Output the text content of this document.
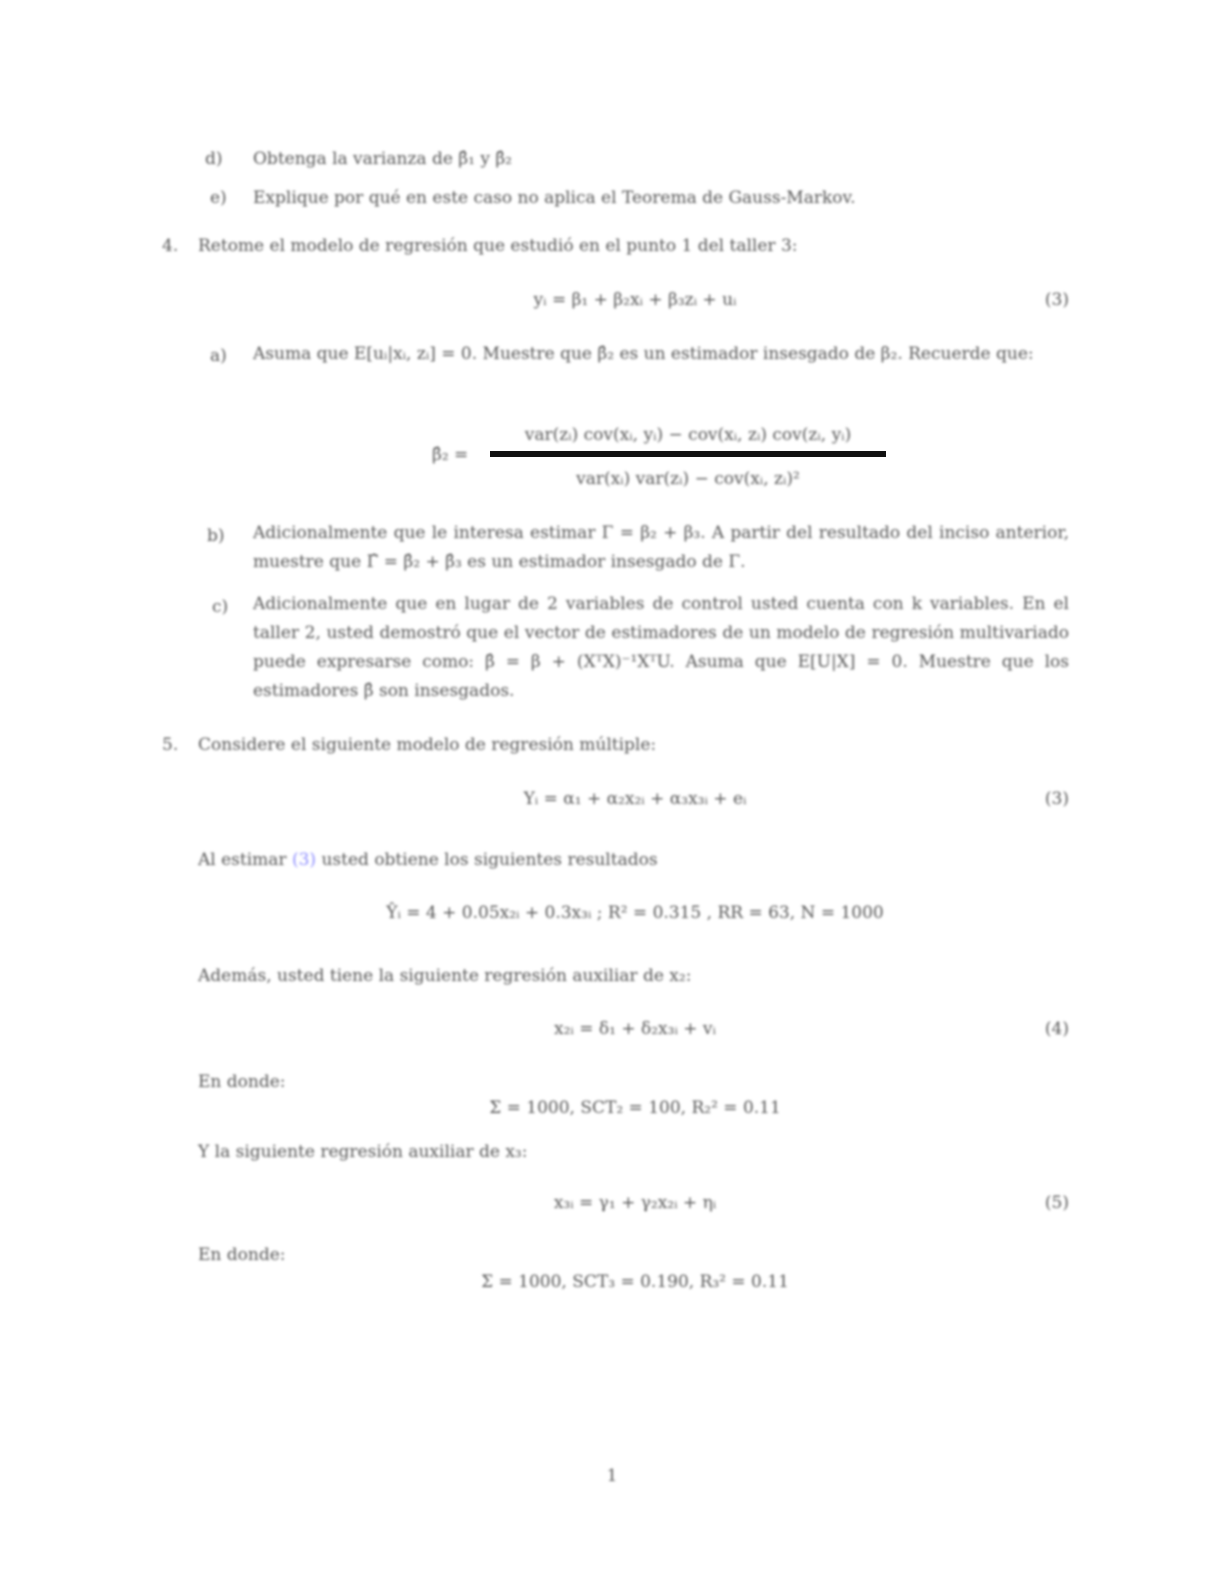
d) Obtenga la varianza de β̂₁ y β̂₂
e) Explique por qué en este caso no aplica el Teorema de Gauss-Markov.
4. Retome el modelo de regresión que estudió en el punto 1 del taller 3:
yᵢ = β₁ + β₂xᵢ + β₃zᵢ + uᵢ	(3)
a) Asuma que E[uᵢ|xᵢ, zᵢ] = 0. Muestre que β̂₂ es un estimador insesgado de β₂. Recuerde que:
β̂₂ =
var(zᵢ) cov(xᵢ, yᵢ) − cov(xᵢ, zᵢ) cov(zᵢ, yᵢ)
var(xᵢ) var(zᵢ) − cov(xᵢ, zᵢ)²
b) Adicionalmente que le interesa estimar Γ = β₂ + β₃. A partir del resultado del inciso anterior, muestre que Γ̂ = β̂₂ + β̂₃ es un estimador insesgado de Γ.
c) Adicionalmente que en lugar de 2 variables de control usted cuenta con k variables. En el taller 2, usted demostró que el vector de estimadores de un modelo de regresión multivariado puede expresarse como: β̂ = β + (XᵀX)⁻¹XᵀU. Asuma que E[U|X] = 0. Muestre que los estimadores β̂ son insesgados.
5. Considere el siguiente modelo de regresión múltiple:
Yᵢ = α₁ + α₂x₂ᵢ + α₃x₃ᵢ + eᵢ	(3)
Al estimar (3) usted obtiene los siguientes resultados
Ŷᵢ = 4 + 0.05x₂ᵢ + 0.3x₃ᵢ ; R² = 0.315 , RR = 63, N = 1000
Además, usted tiene la siguiente regresión auxiliar de x₂:
x₂ᵢ = δ₁ + δ₂x₃ᵢ + vᵢ	(4)
En donde:
Σ = 1000, SCT₂ = 100, R₂² = 0.11
Y la siguiente regresión auxiliar de x₃:
x₃ᵢ = γ₁ + γ₂x₂ᵢ + ηᵢ	(5)
En donde:
Σ = 1000, SCT₃ = 0.190, R₃² = 0.11
1
